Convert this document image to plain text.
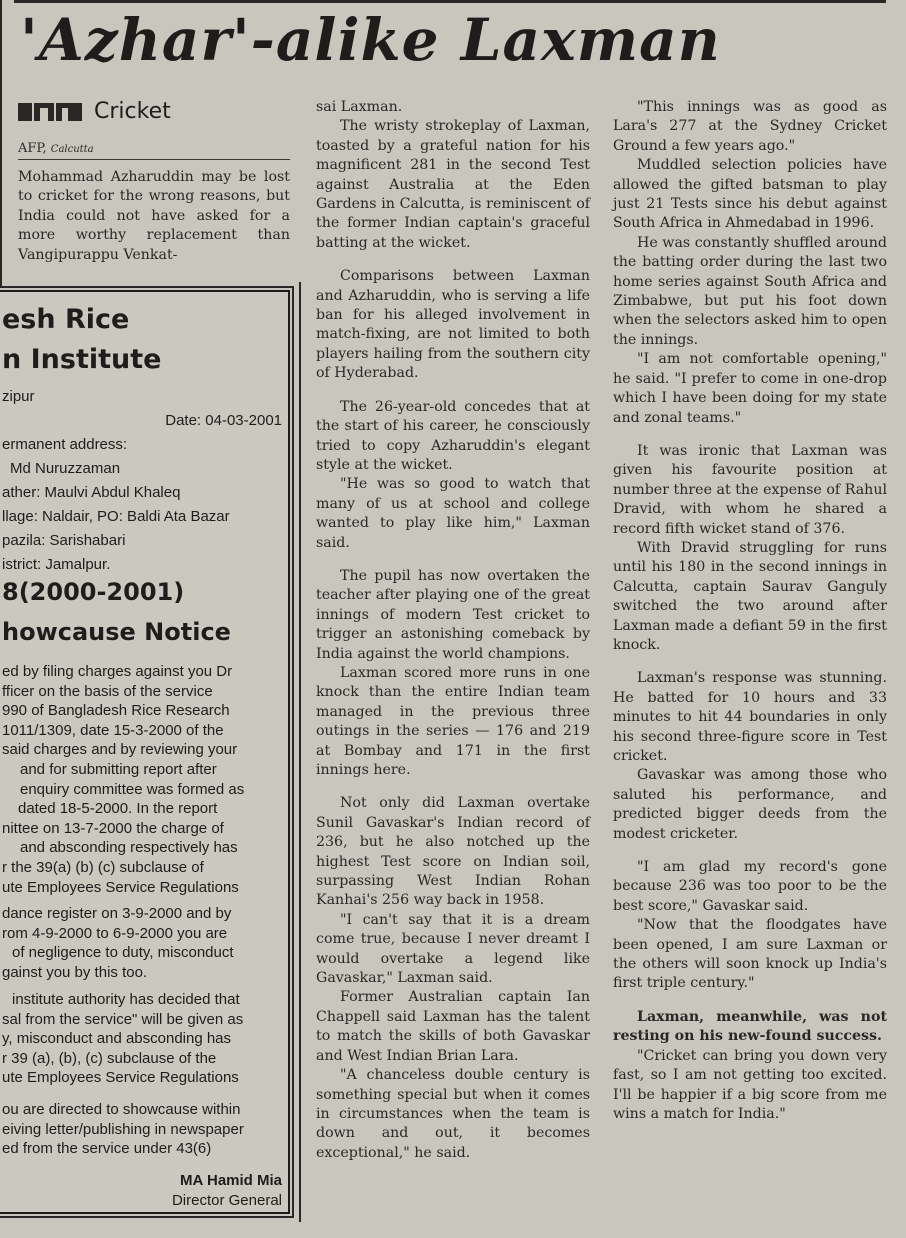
'Azhar'-alike Laxman
Cricket
AFP, Calcutta

Mohammad Azharuddin may be lost to cricket for the wrong reasons, but India could not have asked for a more worthy replacement than Vangipurappu Venkat-

esh Rice
n Institute
zipur
Date: 04-03-2001
ermanent address:
Md Nuruzzaman
ather: Maulvi Abdul Khaleq
llage: Naldair, PO: Baldi Ata Bazar
pazila: Sarishabari
istrict: Jamalpur.
8(2000-2001)
howcause Notice
ed by filing charges against you Dr
fficer on the basis of the service
990 of Bangladesh Rice Research
1011/1309, date 15-3-2000 of the
said charges and by reviewing your
and for submitting report after
enquiry committee was formed as
dated 18-5-2000. In the report
nittee on 13-7-2000 the charge of
and absconding respectively has
r the 39(a) (b) (c) subclause of
ute Employees Service Regulations
dance register on 3-9-2000 and by
rom 4-9-2000 to 6-9-2000 you are
of negligence to duty, misconduct
gainst you by this too.
institute authority has decided that
sal from the service" will be given as
y, misconduct and absconding has
r 39 (a), (b), (c) subclause of the
ute Employees Service Regulations
ou are directed to showcause within
eiving letter/publishing in newspaper
ed from the service under 43(6)
MA Hamid Mia
Director General

sai Laxman.

The wristy strokeplay of Laxman, toasted by a grateful nation for his magnificent 281 in the second Test against Australia at the Eden Gardens in Calcutta, is reminiscent of the former Indian captain's graceful batting at the wicket.

Comparisons between Laxman and Azharuddin, who is serving a life ban for his alleged involvement in match-fixing, are not limited to both players hailing from the southern city of Hyderabad.

The 26-year-old concedes that at the start of his career, he consciously tried to copy Azharuddin's elegant style at the wicket.

"He was so good to watch that many of us at school and college wanted to play like him," Laxman said.

The pupil has now overtaken the teacher after playing one of the great innings of modern Test cricket to trigger an astonishing comeback by India against the world champions.

Laxman scored more runs in one knock than the entire Indian team managed in the previous three outings in the series — 176 and 219 at Bombay and 171 in the first innings here.

Not only did Laxman overtake Sunil Gavaskar's Indian record of 236, but he also notched up the highest Test score on Indian soil, surpassing West Indian Rohan Kanhai's 256 way back in 1958.

"I can't say that it is a dream come true, because I never dreamt I would overtake a legend like Gavaskar," Laxman said.

Former Australian captain Ian Chappell said Laxman has the talent to match the skills of both Gavaskar and West Indian Brian Lara.

"A chanceless double century is something special but when it comes in circumstances when the team is down and out, it becomes exceptional," he said.

"This innings was as good as Lara's 277 at the Sydney Cricket Ground a few years ago."

Muddled selection policies have allowed the gifted batsman to play just 21 Tests since his debut against South Africa in Ahmedabad in 1996.

He was constantly shuffled around the batting order during the last two home series against South Africa and Zimbabwe, but put his foot down when the selectors asked him to open the innings.

"I am not comfortable opening," he said. "I prefer to come in one-drop which I have been doing for my state and zonal teams."

It was ironic that Laxman was given his favourite position at number three at the expense of Rahul Dravid, with whom he shared a record fifth wicket stand of 376.

With Dravid struggling for runs until his 180 in the second innings in Calcutta, captain Saurav Ganguly switched the two around after Laxman made a defiant 59 in the first knock.

Laxman's response was stunning. He batted for 10 hours and 33 minutes to hit 44 boundaries in only his second three-figure score in Test cricket.

Gavaskar was among those who saluted his performance, and predicted bigger deeds from the modest cricketer.

"I am glad my record's gone because 236 was too poor to be the best score," Gavaskar said.

"Now that the floodgates have been opened, I am sure Laxman or the others will soon knock up India's first triple century."

Laxman, meanwhile, was not resting on his new-found success.

"Cricket can bring you down very fast, so I am not getting too excited. I'll be happier if a big score from me wins a match for India."
